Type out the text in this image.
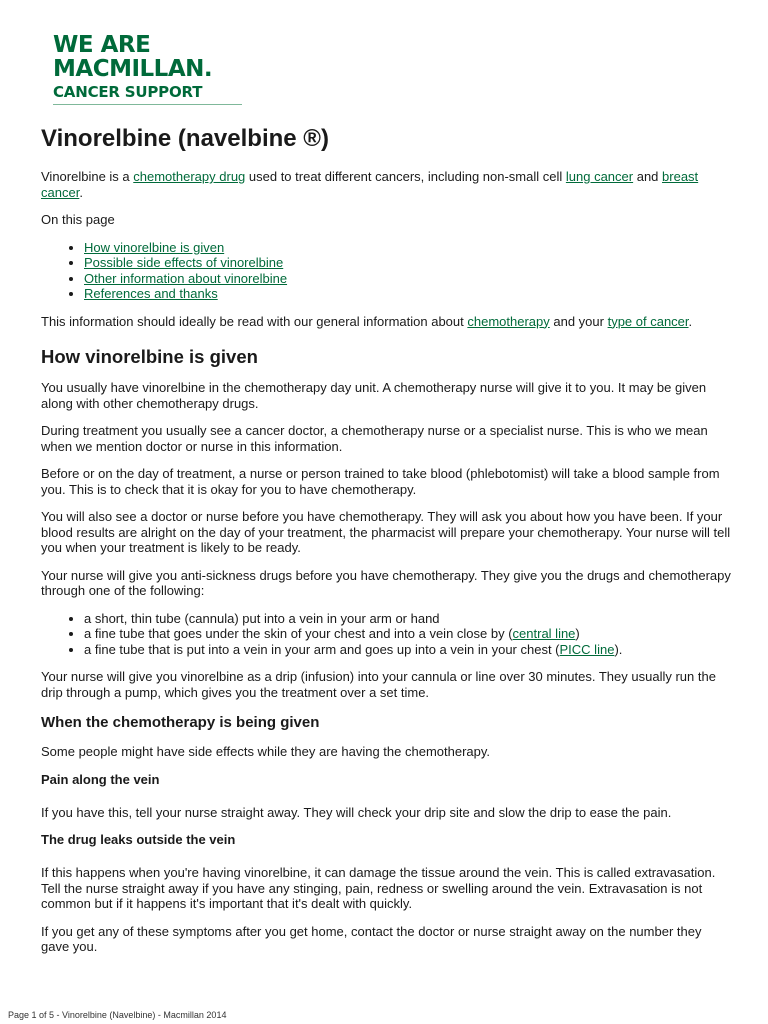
WE ARE
MACMILLAN.
CANCER SUPPORT
Vinorelbine (navelbine ®)

Vinorelbine is a chemotherapy drug used to treat different cancers, including non-small cell lung cancer and breast cancer.

On this page

• How vinorelbine is given
• Possible side effects of vinorelbine
• Other information about vinorelbine
• References and thanks

This information should ideally be read with our general information about chemotherapy and your type of cancer.

How vinorelbine is given

You usually have vinorelbine in the chemotherapy day unit. A chemotherapy nurse will give it to you. It may be given along with other chemotherapy drugs.

During treatment you usually see a cancer doctor, a chemotherapy nurse or a specialist nurse. This is who we mean when we mention doctor or nurse in this information.

Before or on the day of treatment, a nurse or person trained to take blood (phlebotomist) will take a blood sample from you. This is to check that it is okay for you to have chemotherapy.

You will also see a doctor or nurse before you have chemotherapy. They will ask you about how you have been. If your blood results are alright on the day of your treatment, the pharmacist will prepare your chemotherapy. Your nurse will tell you when your treatment is likely to be ready.

Your nurse will give you anti-sickness drugs before you have chemotherapy. They give you the drugs and chemotherapy through one of the following:

• a short, thin tube (cannula) put into a vein in your arm or hand
• a fine tube that goes under the skin of your chest and into a vein close by (central line)
• a fine tube that is put into a vein in your arm and goes up into a vein in your chest (PICC line).

Your nurse will give you vinorelbine as a drip (infusion) into your cannula or line over 30 minutes. They usually run the drip through a pump, which gives you the treatment over a set time.

When the chemotherapy is being given

Some people might have side effects while they are having the chemotherapy.

Pain along the vein

If you have this, tell your nurse straight away. They will check your drip site and slow the drip to ease the pain.

The drug leaks outside the vein

If this happens when you're having vinorelbine, it can damage the tissue around the vein. This is called extravasation. Tell the nurse straight away if you have any stinging, pain, redness or swelling around the vein. Extravasation is not common but if it happens it's important that it's dealt with quickly.

If you get any of these symptoms after you get home, contact the doctor or nurse straight away on the number they gave you.

Page 1 of 5 - Vinorelbine (Navelbine) - Macmillan 2014
